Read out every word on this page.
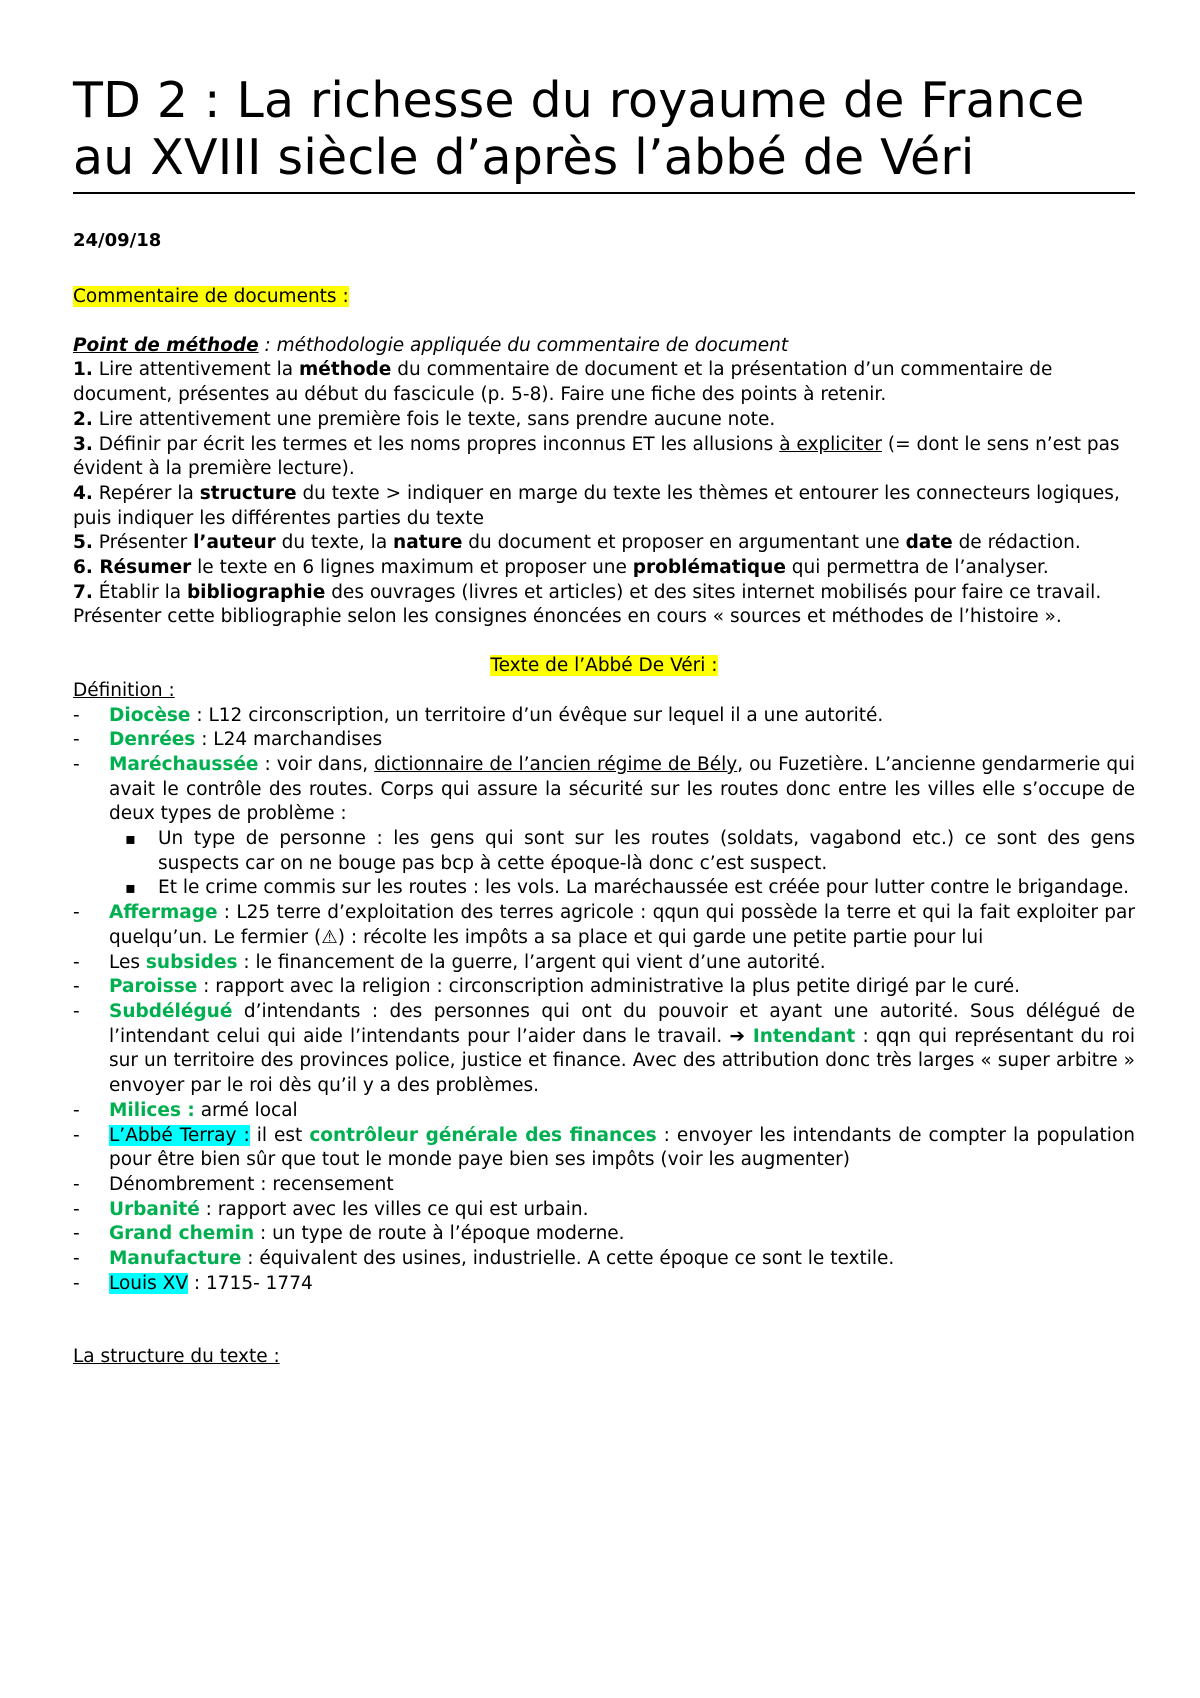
TD 2 : La richesse du royaume de France au XVIII siècle d’après l’abbé de Véri
24/09/18

Commentaire de documents :

Point de méthode : méthodologie appliquée du commentaire de document

1. Lire attentivement la méthode du commentaire de document et la présentation d’un commentaire de document, présentes au début du fascicule (p. 5-8). Faire une fiche des points à retenir.

2. Lire attentivement une première fois le texte, sans prendre aucune note.

3. Définir par écrit les termes et les noms propres inconnus ET les allusions à expliciter (= dont le sens n’est pas évident à la première lecture).

4. Repérer la structure du texte > indiquer en marge du texte les thèmes et entourer les connecteurs logiques, puis indiquer les différentes parties du texte

5. Présenter l’auteur du texte, la nature du document et proposer en argumentant une date de rédaction.

6. Résumer le texte en 6 lignes maximum et proposer une problématique qui permettra de l’analyser.

7. Établir la bibliographie des ouvrages (livres et articles) et des sites internet mobilisés pour faire ce travail. Présenter cette bibliographie selon les consignes énoncées en cours « sources et méthodes de l’histoire ».

Texte de l’Abbé De Véri :

Définition :

- Diocèse : L12 circonscription, un territoire d’un évêque sur lequel il a une autorité.
- Denrées : L24 marchandises
- Maréchaussée : voir dans, dictionnaire de l’ancien régime de Bély, ou Fuzetière. L’ancienne gendarmerie qui avait le contrôle des routes. Corps qui assure la sécurité sur les routes donc entre les villes elle s’occupe de deux types de problème :
▪ Un type de personne : les gens qui sont sur les routes (soldats, vagabond etc.) ce sont des gens suspects car on ne bouge pas bcp à cette époque-là donc c’est suspect.
▪ Et le crime commis sur les routes : les vols. La maréchaussée est créée pour lutter contre le brigandage.
- Affermage : L25 terre d’exploitation des terres agricole : qqun qui possède la terre et qui la fait exploiter par quelqu’un. Le fermier (⚠) : récolte les impôts a sa place et qui garde une petite partie pour lui
- Les subsides : le financement de la guerre, l’argent qui vient d’une autorité.
- Paroisse : rapport avec la religion : circonscription administrative la plus petite dirigé par le curé.
- Subdélégué d’intendants : des personnes qui ont du pouvoir et ayant une autorité. Sous délégué de l’intendant celui qui aide l’intendants pour l’aider dans le travail. ➔ Intendant : qqn qui représentant du roi sur un territoire des provinces police, justice et finance. Avec des attribution donc très larges « super arbitre » envoyer par le roi dès qu’il y a des problèmes.
- Milices : armé local
- L’Abbé Terray : il est contrôleur générale des finances : envoyer les intendants de compter la population pour être bien sûr que tout le monde paye bien ses impôts (voir les augmenter)
- Dénombrement : recensement
- Urbanité : rapport avec les villes ce qui est urbain.
- Grand chemin : un type de route à l’époque moderne.
- Manufacture : équivalent des usines, industrielle. A cette époque ce sont le textile.
- Louis XV : 1715- 1774

La structure du texte :
